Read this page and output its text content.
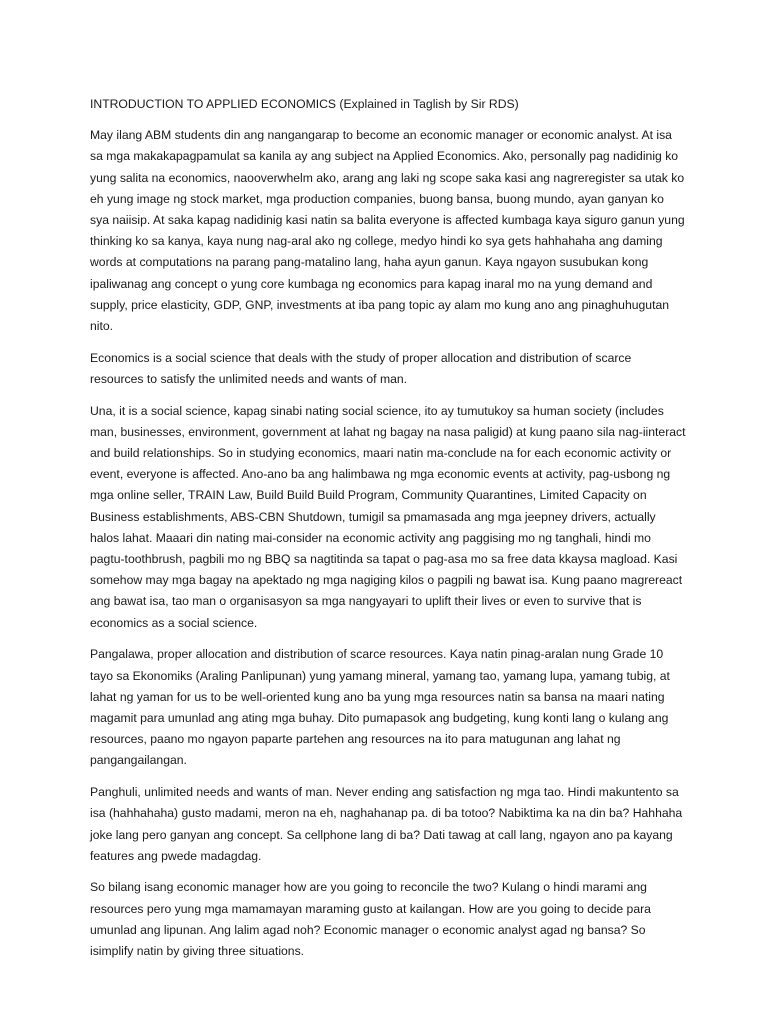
INTRODUCTION TO APPLIED ECONOMICS (Explained in Taglish by Sir RDS)

May ilang ABM students din ang nangangarap to become an economic manager or economic analyst. At isa sa mga makakapagpamulat sa kanila ay ang subject na Applied Economics. Ako, personally pag nadidinig ko yung salita na economics, naooverwhelm ako, arang ang laki ng scope saka kasi ang nagreregister sa utak ko eh yung image ng stock market, mga production companies, buong bansa, buong mundo, ayan ganyan ko sya naiisip. At saka kapag nadidinig kasi natin sa balita everyone is affected kumbaga kaya siguro ganun yung thinking ko sa kanya, kaya nung nag-aral ako ng college, medyo hindi ko sya gets hahhahaha ang daming words at computations na parang pang-matalino lang, haha ayun ganun. Kaya ngayon susubukan kong ipaliwanag ang concept o yung core kumbaga ng economics para kapag inaral mo na yung demand and supply, price elasticity, GDP, GNP, investments at iba pang topic ay alam mo kung ano ang pinaghuhugutan nito.

Economics is a social science that deals with the study of proper allocation and distribution of scarce resources to satisfy the unlimited needs and wants of man.

Una, it is a social science, kapag sinabi nating social science, ito ay tumutukoy sa human society (includes man, businesses, environment, government at lahat ng bagay na nasa paligid) at kung paano sila nag-iinteract and build relationships. So in studying economics, maari natin ma-conclude na for each economic activity or event, everyone is affected. Ano-ano ba ang halimbawa ng mga economic events at activity, pag-usbong ng mga online seller, TRAIN Law, Build Build Build Program, Community Quarantines, Limited Capacity on Business establishments, ABS-CBN Shutdown, tumigil sa pmamasada ang mga jeepney drivers, actually halos lahat. Maaari din nating mai-consider na economic activity ang paggising mo ng tanghali, hindi mo pagtu-toothbrush, pagbili mo ng BBQ sa nagtitinda sa tapat o pag-asa mo sa free data kkaysa magload. Kasi somehow may mga bagay na apektado ng mga nagiging kilos o pagpili ng bawat isa. Kung paano magrereact ang bawat isa, tao man o organisasyon sa mga nangyayari to uplift their lives or even to survive that is economics as a social science.

Pangalawa, proper allocation and distribution of scarce resources. Kaya natin pinag-aralan nung Grade 10 tayo sa Ekonomiks (Araling Panlipunan) yung yamang mineral, yamang tao, yamang lupa, yamang tubig, at lahat ng yaman for us to be well-oriented kung ano ba yung mga resources natin sa bansa na maari nating magamit para umunlad ang ating mga buhay. Dito pumapasok ang budgeting, kung konti lang o kulang ang resources, paano mo ngayon paparte partehen ang resources na ito para matugunan ang lahat ng pangangailangan.

Panghuli, unlimited needs and wants of man. Never ending ang satisfaction ng mga tao. Hindi makuntento sa isa (hahhahaha) gusto madami, meron na eh, naghahanap pa. di ba totoo? Nabiktima ka na din ba? Hahhaha joke lang pero ganyan ang concept. Sa cellphone lang di ba? Dati tawag at call lang, ngayon ano pa kayang features ang pwede madagdag.

So bilang isang economic manager how are you going to reconcile the two? Kulang o hindi marami ang resources pero yung mga mamamayan maraming gusto at kailangan. How are you going to decide para umunlad ang lipunan. Ang lalim agad noh? Economic manager o economic analyst agad ng bansa? So isimplify natin by giving three situations.
